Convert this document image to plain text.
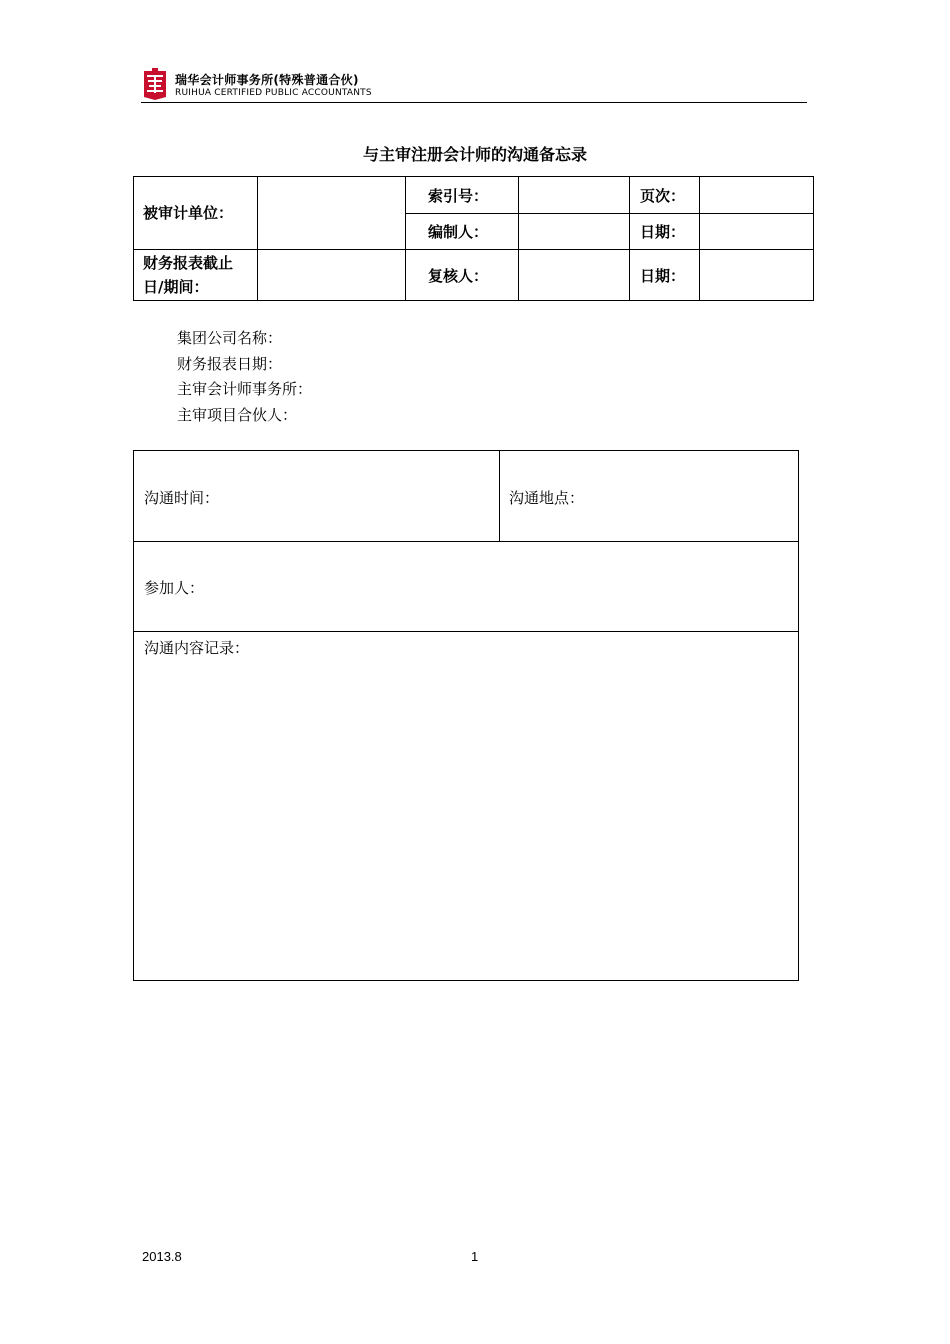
瑞华会计师事务所(特殊普通合伙)
RUIHUA CERTIFIED PUBLIC ACCOUNTANTS
与主审注册会计师的沟通备忘录
被审计单位：		索引号：		页次：	
		编制人：		日期：	
财务报表截止日/期间：		复核人：		日期：	
集团公司名称：
财务报表日期：
主审会计师事务所：
主审项目合伙人：
沟通时间：	沟通地点：
参加人：
沟通内容记录：
2013.8	1
